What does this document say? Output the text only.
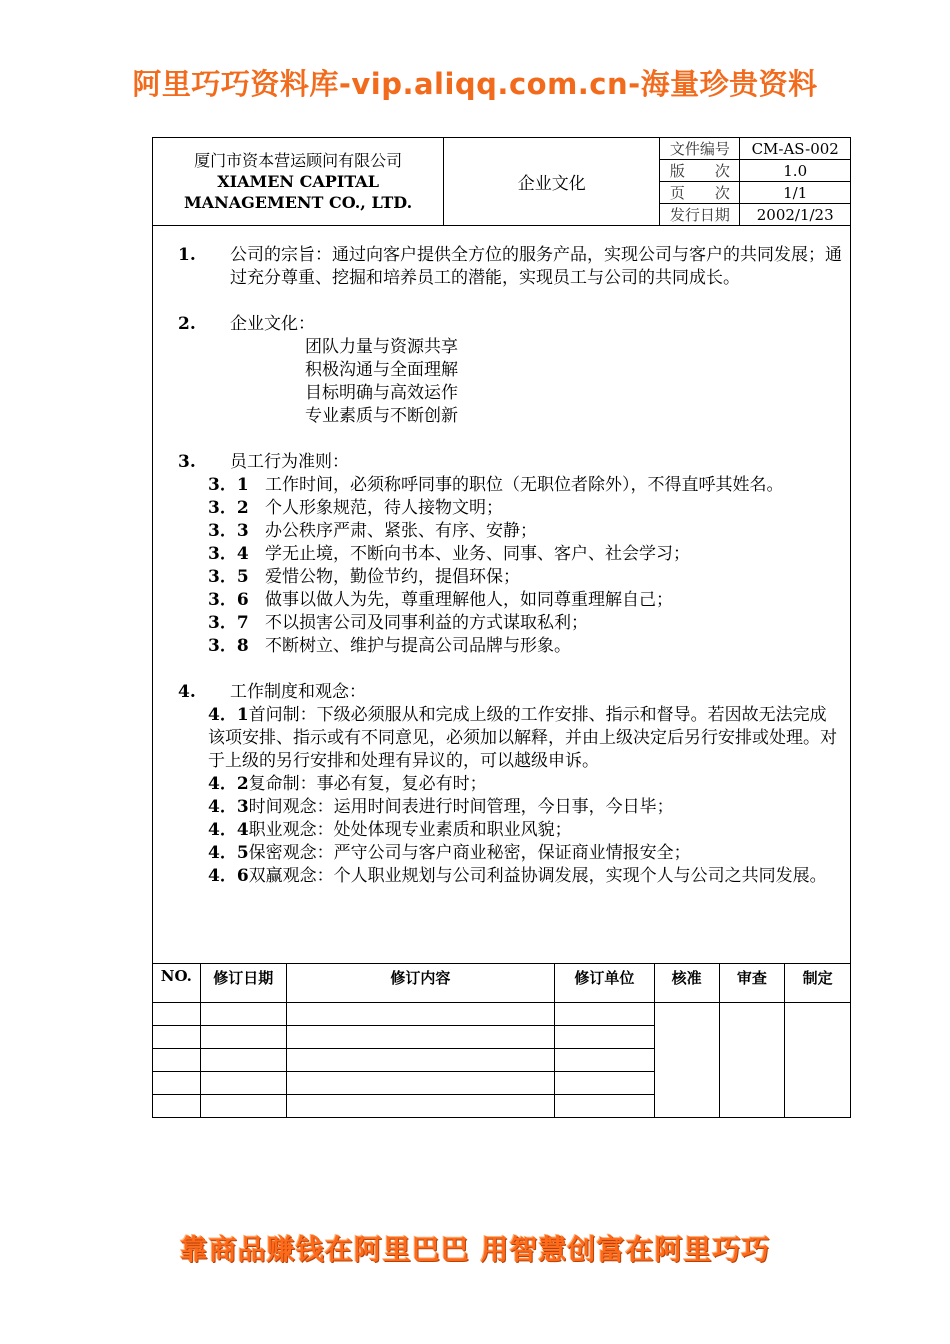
阿里巧巧资料库-vip.aliqq.com.cn-海量珍贵资料
厦门市资本营运顾问有限公司
XIAMEN CAPITAL
MANAGEMENT CO., LTD.	企业文化	文件编号	CM-AS-002
		版　　次	1.0
		页　　次	1/1
		发行日期	2002/1/23
1.	公司的宗旨：通过向客户提供全方位的服务产品，实现公司与客户的共同发展；通过充分尊重、挖掘和培养员工的潜能，实现员工与公司的共同成长。
2.	企业文化：
团队力量与资源共享
积极沟通与全面理解
目标明确与高效运作
专业素质与不断创新
3.	员工行为准则：
3．1 工作时间，必须称呼同事的职位（无职位者除外），不得直呼其姓名。
3．2 个人形象规范，待人接物文明；
3．3 办公秩序严肃、紧张、有序、安静；
3．4 学无止境，不断向书本、业务、同事、客户、社会学习；
3．5 爱惜公物，勤俭节约，提倡环保；
3．6 做事以做人为先，尊重理解他人，如同尊重理解自己；
3．7 不以损害公司及同事利益的方式谋取私利；
3．8 不断树立、维护与提高公司品牌与形象。
4.	工作制度和观念：
4．1首问制：下级必须服从和完成上级的工作安排、指示和督导。若因故无法完成该项安排、指示或有不同意见，必须加以解释，并由上级决定后另行安排或处理。对于上级的另行安排和处理有异议的，可以越级申诉。
4．2复命制：事必有复，复必有时；
4．3时间观念：运用时间表进行时间管理，今日事，今日毕；
4．4职业观念：处处体现专业素质和职业风貌；
4．5保密观念：严守公司与客户商业秘密，保证商业情报安全；
4．6双赢观念：个人职业规划与公司利益协调发展，实现个人与公司之共同发展。
NO.	修订日期	修订内容	修订单位	核准	审查	制定

靠商品赚钱在阿里巴巴 用智慧创富在阿里巧巧
